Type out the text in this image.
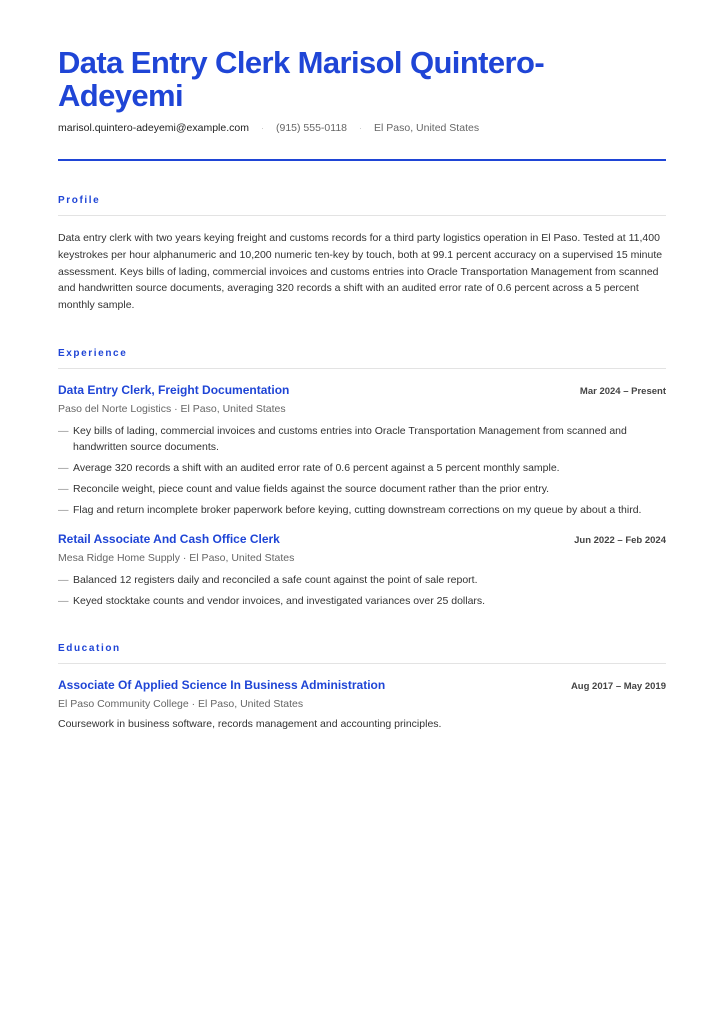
Data Entry Clerk Marisol Quintero-Adeyemi
marisol.quintero-adeyemi@example.com · (915) 555-0118 · El Paso, United States
Profile
Data entry clerk with two years keying freight and customs records for a third party logistics operation in El Paso. Tested at 11,400 keystrokes per hour alphanumeric and 10,200 numeric ten-key by touch, both at 99.1 percent accuracy on a supervised 15 minute assessment. Keys bills of lading, commercial invoices and customs entries into Oracle Transportation Management from scanned and handwritten source documents, averaging 320 records a shift with an audited error rate of 0.6 percent across a 5 percent monthly sample.
Experience
Data Entry Clerk, Freight Documentation	Mar 2024 – Present
Paso del Norte Logistics · El Paso, United States
— Key bills of lading, commercial invoices and customs entries into Oracle Transportation Management from scanned and handwritten source documents.
— Average 320 records a shift with an audited error rate of 0.6 percent against a 5 percent monthly sample.
— Reconcile weight, piece count and value fields against the source document rather than the prior entry.
— Flag and return incomplete broker paperwork before keying, cutting downstream corrections on my queue by about a third.
Retail Associate And Cash Office Clerk	Jun 2022 – Feb 2024
Mesa Ridge Home Supply · El Paso, United States
— Balanced 12 registers daily and reconciled a safe count against the point of sale report.
— Keyed stocktake counts and vendor invoices, and investigated variances over 25 dollars.
Education
Associate Of Applied Science In Business Administration	Aug 2017 – May 2019
El Paso Community College · El Paso, United States
Coursework in business software, records management and accounting principles.
